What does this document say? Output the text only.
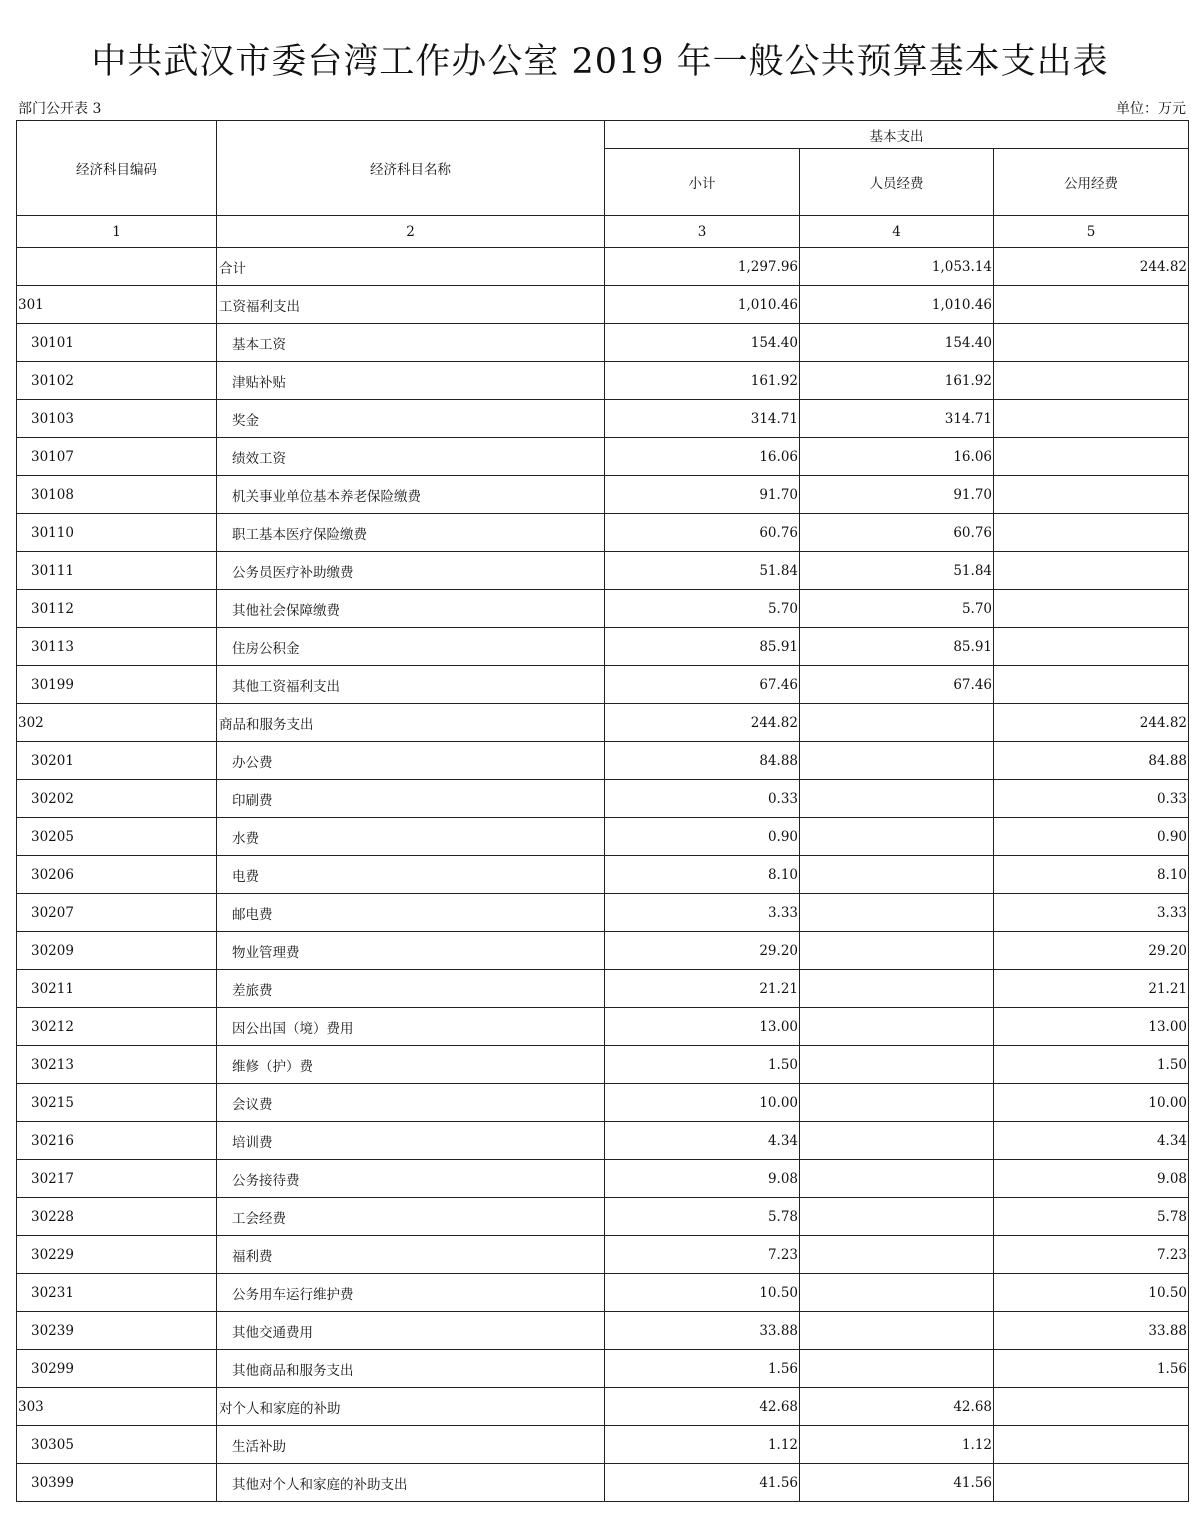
中共武汉市委台湾工作办公室 2019 年一般公共预算基本支出表
部门公开表 3	单位：万元
经济科目编码	经济科目名称	基本支出		
		小计	人员经费	公用经费
1	2	3	4	5
	合计	1,297.96	1,053.14	244.82
301	工资福利支出	1,010.46	1,010.46	
30101	基本工资	154.40	154.40	
30102	津贴补贴	161.92	161.92	
30103	奖金	314.71	314.71	
30107	绩效工资	16.06	16.06	
30108	机关事业单位基本养老保险缴费	91.70	91.70	
30110	职工基本医疗保险缴费	60.76	60.76	
30111	公务员医疗补助缴费	51.84	51.84	
30112	其他社会保障缴费	5.70	5.70	
30113	住房公积金	85.91	85.91	
30199	其他工资福利支出	67.46	67.46	
302	商品和服务支出	244.82		244.82
30201	办公费	84.88		84.88
30202	印刷费	0.33		0.33
30205	水费	0.90		0.90
30206	电费	8.10		8.10
30207	邮电费	3.33		3.33
30209	物业管理费	29.20		29.20
30211	差旅费	21.21		21.21
30212	因公出国（境）费用	13.00		13.00
30213	维修（护）费	1.50		1.50
30215	会议费	10.00		10.00
30216	培训费	4.34		4.34
30217	公务接待费	9.08		9.08
30228	工会经费	5.78		5.78
30229	福利费	7.23		7.23
30231	公务用车运行维护费	10.50		10.50
30239	其他交通费用	33.88		33.88
30299	其他商品和服务支出	1.56		1.56
303	对个人和家庭的补助	42.68	42.68	
30305	生活补助	1.12	1.12	
30399	其他对个人和家庭的补助支出	41.56	41.56	
